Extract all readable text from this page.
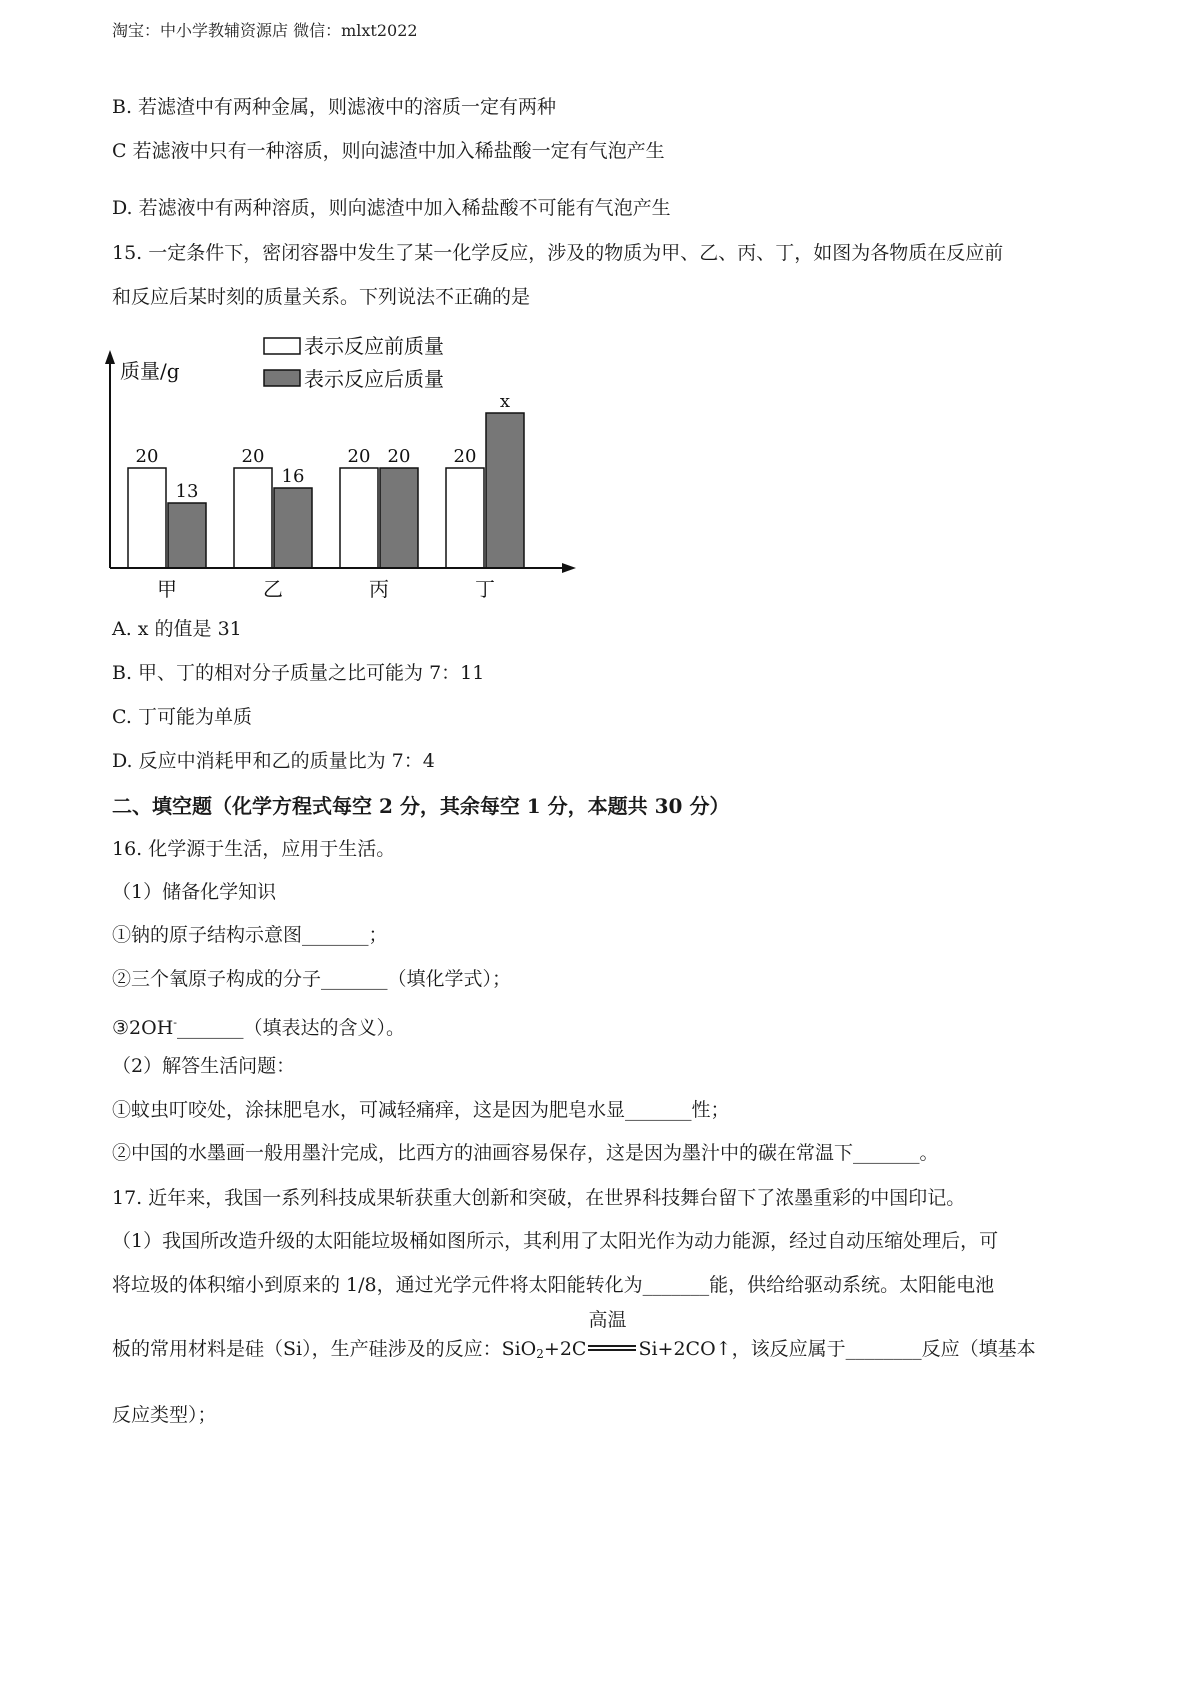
淘宝：中小学教辅资源店 微信：mlxt2022
B. 若滤渣中有两种金属，则滤液中的溶质一定有两种
C 若滤液中只有一种溶质，则向滤渣中加入稀盐酸一定有气泡产生
D. 若滤液中有两种溶质，则向滤渣中加入稀盐酸不可能有气泡产生
15. 一定条件下，密闭容器中发生了某一化学反应，涉及的物质为甲、乙、丙、丁，如图为各物质在反应前
和反应后某时刻的质量关系。下列说法不正确的是
20
13
甲
20
16
乙
20 20
丙
20
x
丁
质量/g
表示反应前质量
表示反应后质量
A. x 的值是 31
B. 甲、丁的相对分子质量之比可能为 7：11
C. 丁可能为单质
D. 反应中消耗甲和乙的质量比为 7：4
二、填空题（化学方程式每空 2 分，其余每空 1 分，本题共 30 分）
16. 化学源于生活，应用于生活。
（1）储备化学知识
①钠的原子结构示意图_______；
②三个氧原子构成的分子_______（填化学式）；
③2OH-_______（填表达的含义）。
（2）解答生活问题：
①蚊虫叮咬处，涂抹肥皂水，可减轻痛痒，这是因为肥皂水显_______性；
②中国的水墨画一般用墨汁完成，比西方的油画容易保存，这是因为墨汁中的碳在常温下_______。
17. 近年来，我国一系列科技成果斩获重大创新和突破，在世界科技舞台留下了浓墨重彩的中国印记。
（1）我国所改造升级的太阳能垃圾桶如图所示，其利用了太阳光作为动力能源，经过自动压缩处理后，可
将垃圾的体积缩小到原来的 1/8，通过光学元件将太阳能转化为_______能，供给给驱动系统。太阳能电池
板的常用材料是硅（Si），生产硅涉及的反应：SiO$_2$+2C
高温
Si+2CO↑，该反应属于________反应（填基本
反应类型）；
